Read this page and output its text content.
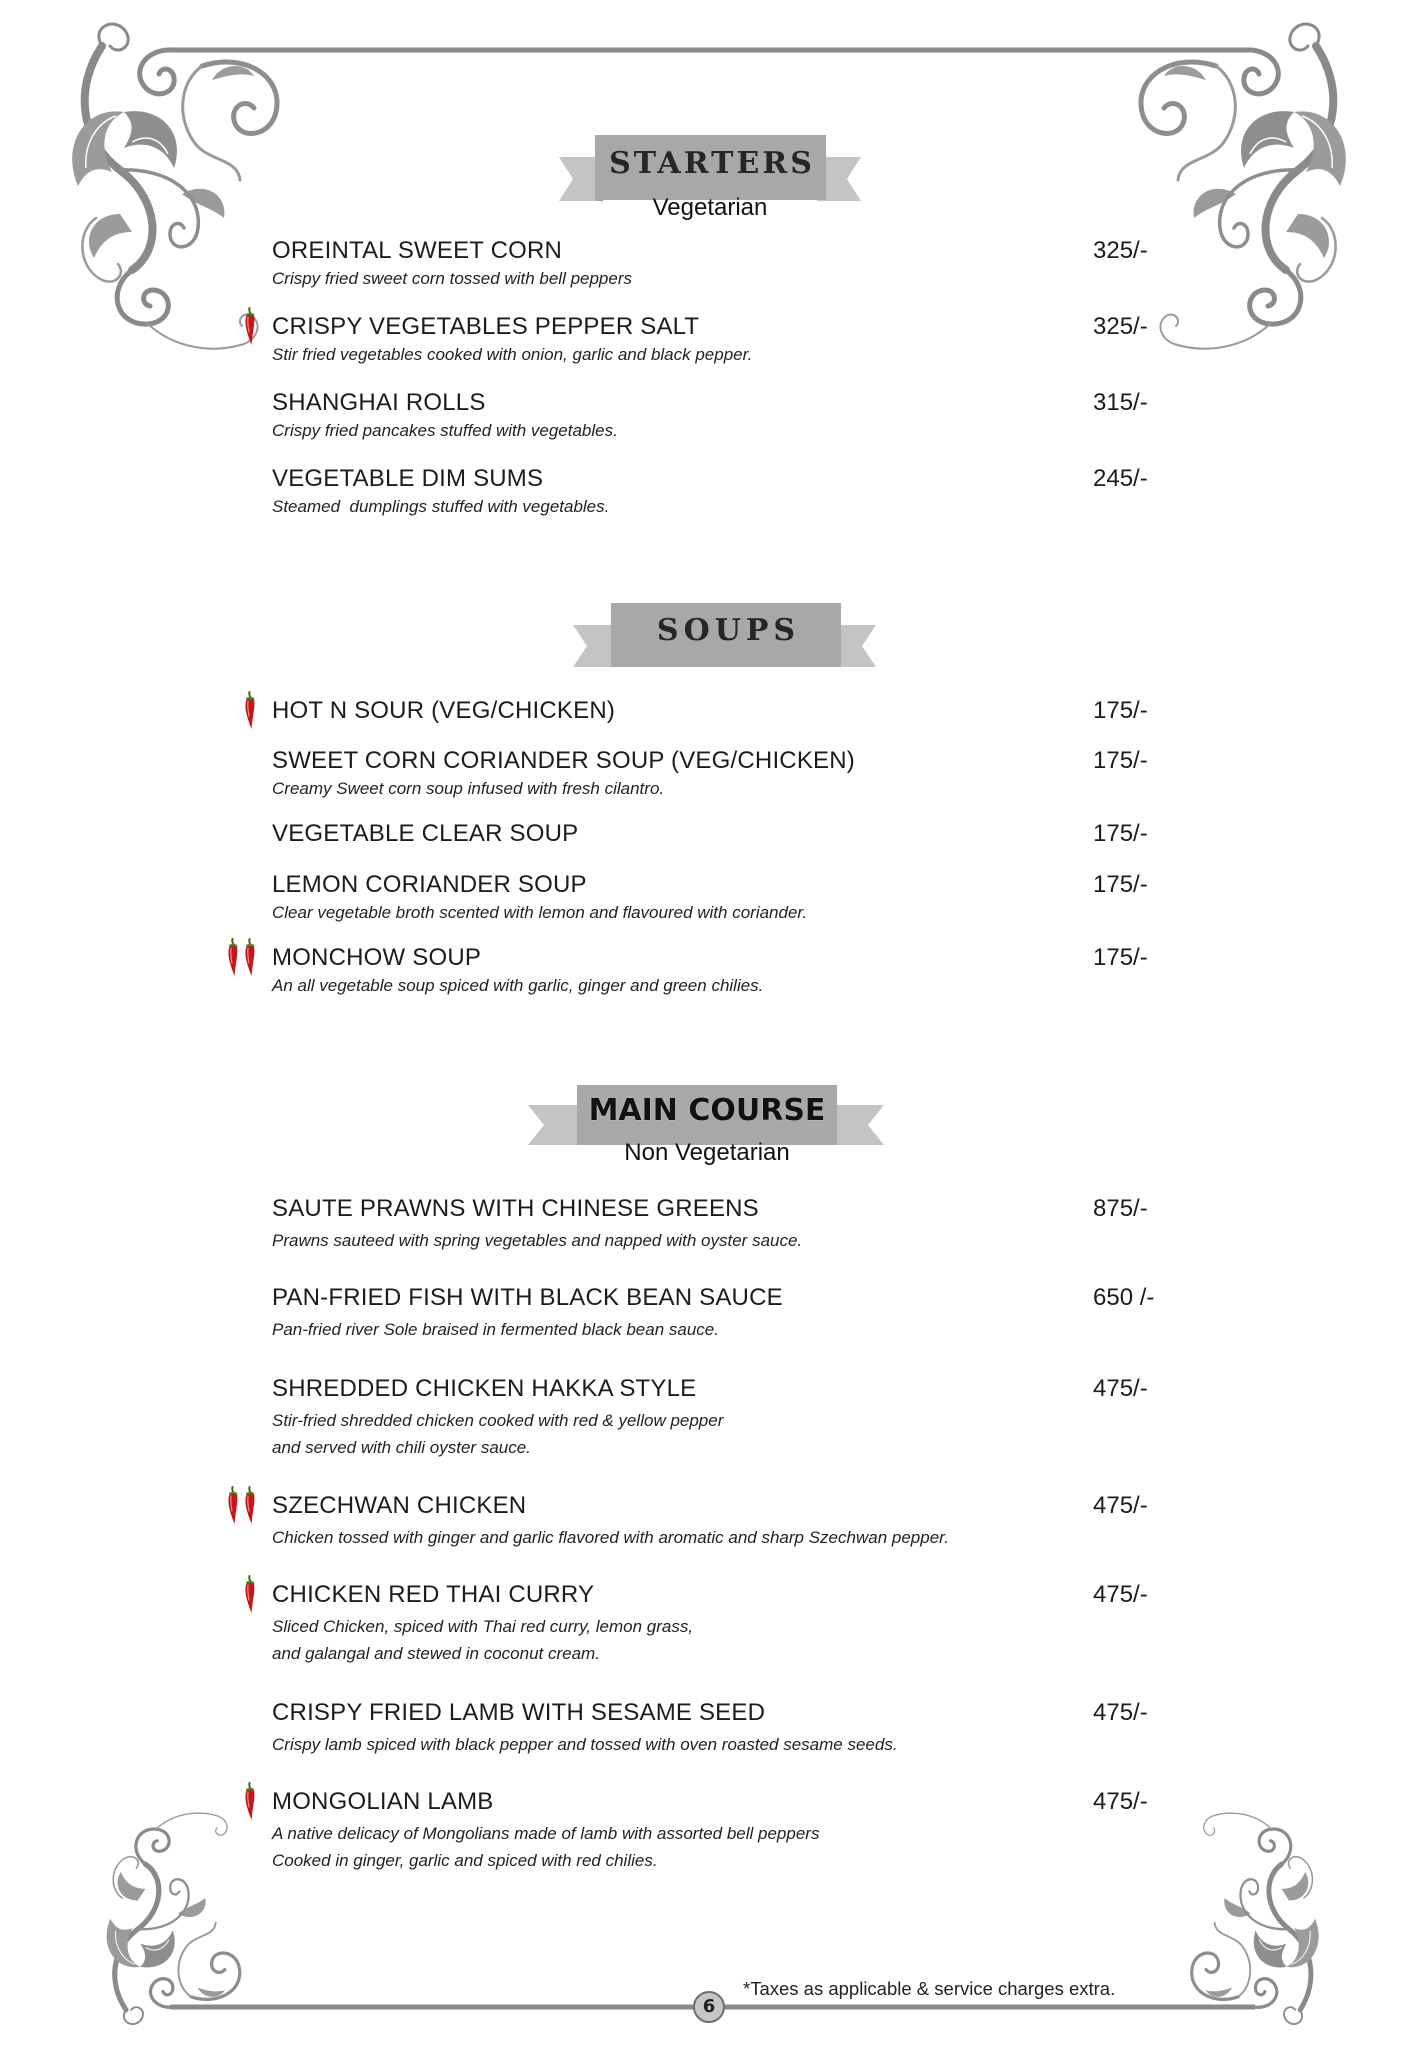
STARTERS
Vegetarian
OREINTAL SWEET CORN	325/-
Crispy fried sweet corn tossed with bell peppers
CRISPY VEGETABLES PEPPER SALT	325/-
Stir fried vegetables cooked with onion, garlic and black pepper.
SHANGHAI ROLLS	315/-
Crispy fried pancakes stuffed with vegetables.
VEGETABLE DIM SUMS	245/-
Steamed  dumplings stuffed with vegetables.
SOUPS
HOT N SOUR (VEG/CHICKEN)	175/-
SWEET CORN CORIANDER SOUP (VEG/CHICKEN)	175/-
Creamy Sweet corn soup infused with fresh cilantro.
VEGETABLE CLEAR SOUP	175/-
LEMON CORIANDER SOUP	175/-
Clear vegetable broth scented with lemon and flavoured with coriander.
MONCHOW SOUP	175/-
An all vegetable soup spiced with garlic, ginger and green chilies.
MAIN COURSE
Non Vegetarian
SAUTE PRAWNS WITH CHINESE GREENS	875/-
Prawns sauteed with spring vegetables and napped with oyster sauce.
PAN-FRIED FISH WITH BLACK BEAN SAUCE	650 /-
Pan-fried river Sole braised in fermented black bean sauce.
SHREDDED CHICKEN HAKKA STYLE	475/-
Stir-fried shredded chicken cooked with red & yellow pepper
and served with chili oyster sauce.
SZECHWAN CHICKEN	475/-
Chicken tossed with ginger and garlic flavored with aromatic and sharp Szechwan pepper.
CHICKEN RED THAI CURRY	475/-
Sliced Chicken, spiced with Thai red curry, lemon grass,
and galangal and stewed in coconut cream.
CRISPY FRIED LAMB WITH SESAME SEED	475/-
Crispy lamb spiced with black pepper and tossed with oven roasted sesame seeds.
MONGOLIAN LAMB	475/-
A native delicacy of Mongolians made of lamb with assorted bell peppers
Cooked in ginger, garlic and spiced with red chilies.
*Taxes as applicable & service charges extra.
6
